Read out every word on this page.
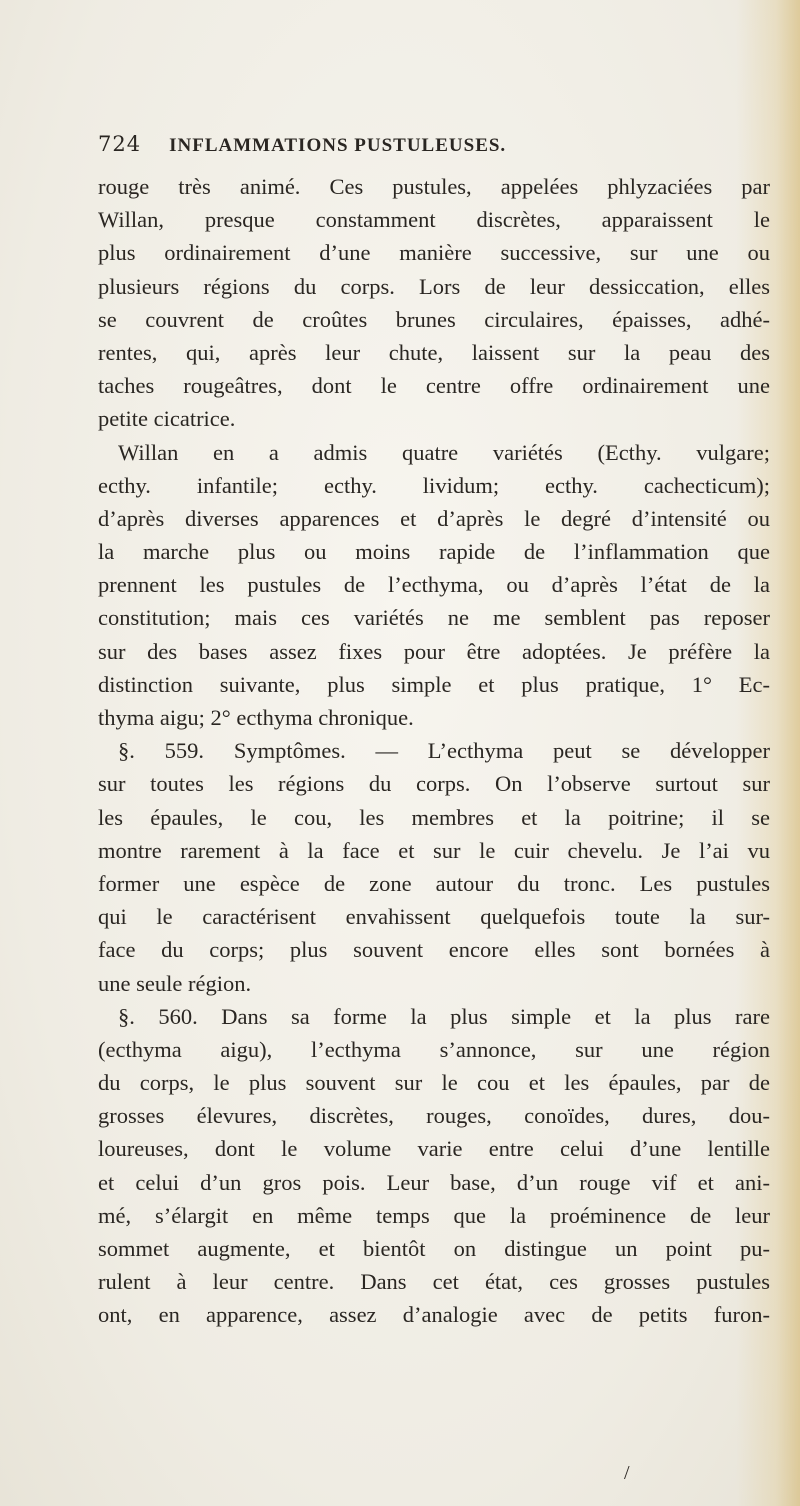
724 INFLAMMATIONS PUSTULEUSES.
rouge très animé. Ces pustules, appelées phlyzaciées par
Willan, presque constamment discrètes, apparaissent le
plus ordinairement d’une manière successive, sur une ou
plusieurs régions du corps. Lors de leur dessiccation, elles
se couvrent de croûtes brunes circulaires, épaisses, adhé-
rentes, qui, après leur chute, laissent sur la peau des
taches rougeâtres, dont le centre offre ordinairement une
petite cicatrice.
Willan en a admis quatre variétés (Ecthy. vulgare;
ecthy. infantile; ecthy. lividum; ecthy. cachecticum);
d’après diverses apparences et d’après le degré d’intensité ou
la marche plus ou moins rapide de l’inflammation que
prennent les pustules de l’ecthyma, ou d’après l’état de la
constitution; mais ces variétés ne me semblent pas reposer
sur des bases assez fixes pour être adoptées. Je préfère la
distinction suivante, plus simple et plus pratique, 1° Ec-
thyma aigu; 2° ecthyma chronique.
§. 559. Symptômes. — L’ecthyma peut se développer
sur toutes les régions du corps. On l’observe surtout sur
les épaules, le cou, les membres et la poitrine; il se
montre rarement à la face et sur le cuir chevelu. Je l’ai vu
former une espèce de zone autour du tronc. Les pustules
qui le caractérisent envahissent quelquefois toute la sur-
face du corps; plus souvent encore elles sont bornées à
une seule région.
§. 560. Dans sa forme la plus simple et la plus rare
(ecthyma aigu), l’ecthyma s’annonce, sur une région
du corps, le plus souvent sur le cou et les épaules, par de
grosses élevures, discrètes, rouges, conoïdes, dures, dou-
loureuses, dont le volume varie entre celui d’une lentille
et celui d’un gros pois. Leur base, d’un rouge vif et ani-
mé, s’élargit en même temps que la proéminence de leur
sommet augmente, et bientôt on distingue un point pu-
rulent à leur centre. Dans cet état, ces grosses pustules
ont, en apparence, assez d’analogie avec de petits furon-
/
